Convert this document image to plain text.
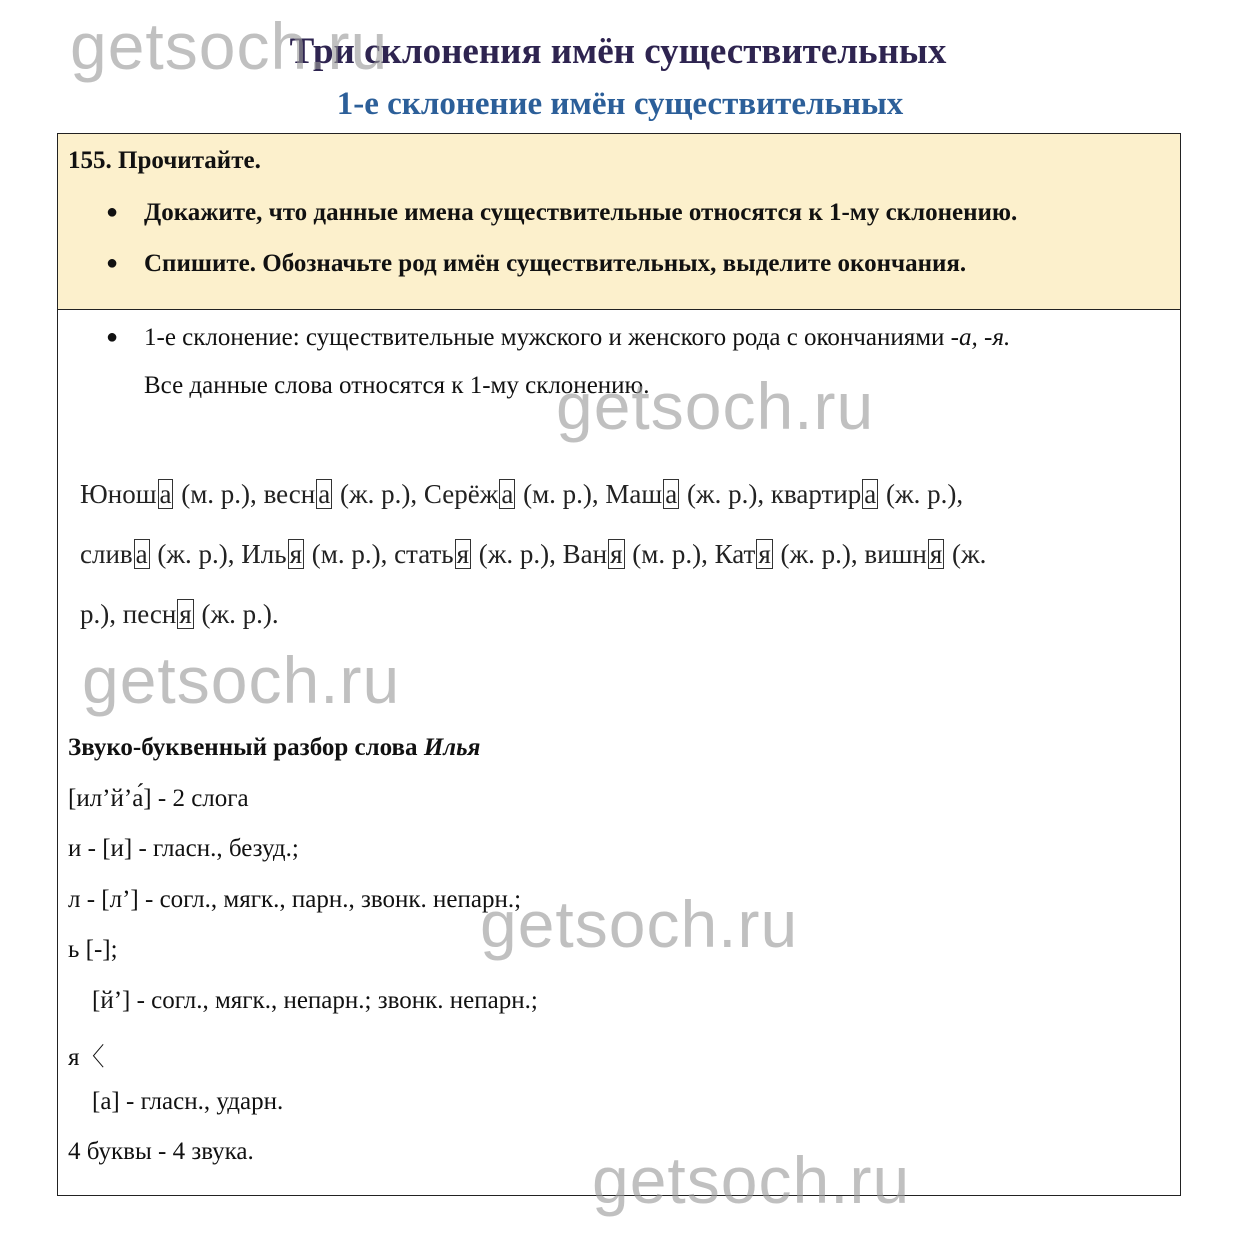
getsoch.ru
getsoch.ru
getsoch.ru
getsoch.ru
getsoch.ru
Три склонения имён существительных
1-е склонение имён существительных
155. Прочитайте.
● Докажите, что данные имена существительные относятся к 1-му склонению.
● Спишите. Обозначьте род имён существительных, выделите окончания.
● 1-е склонение: существительные мужского и женского рода с окончаниями -а, -я.
Все данные слова относятся к 1-му склонению.
Юнош а (м. р.), весн а (ж. р.), Серёж а (м. р.), Маш а (ж. р.), квартир а (ж. р.),
слив а (ж. р.), Иль я (м. р.), стать я (ж. р.), Ван я (м. р.), Кат я (ж. р.), вишн я (ж.
р.), песн я (ж. р.).
Звуко-буквенный разбор слова Илья
[ил’й’а́] - 2 слога
и - [и] - гласн., безуд.;
л - [л’] - согл., мягк., парн., звонк. непарн.;
ь [-];
[й’] - согл., мягк., непарн.; звонк. непарн.;
я〈
[а] - гласн., ударн.
4 буквы - 4 звука.
